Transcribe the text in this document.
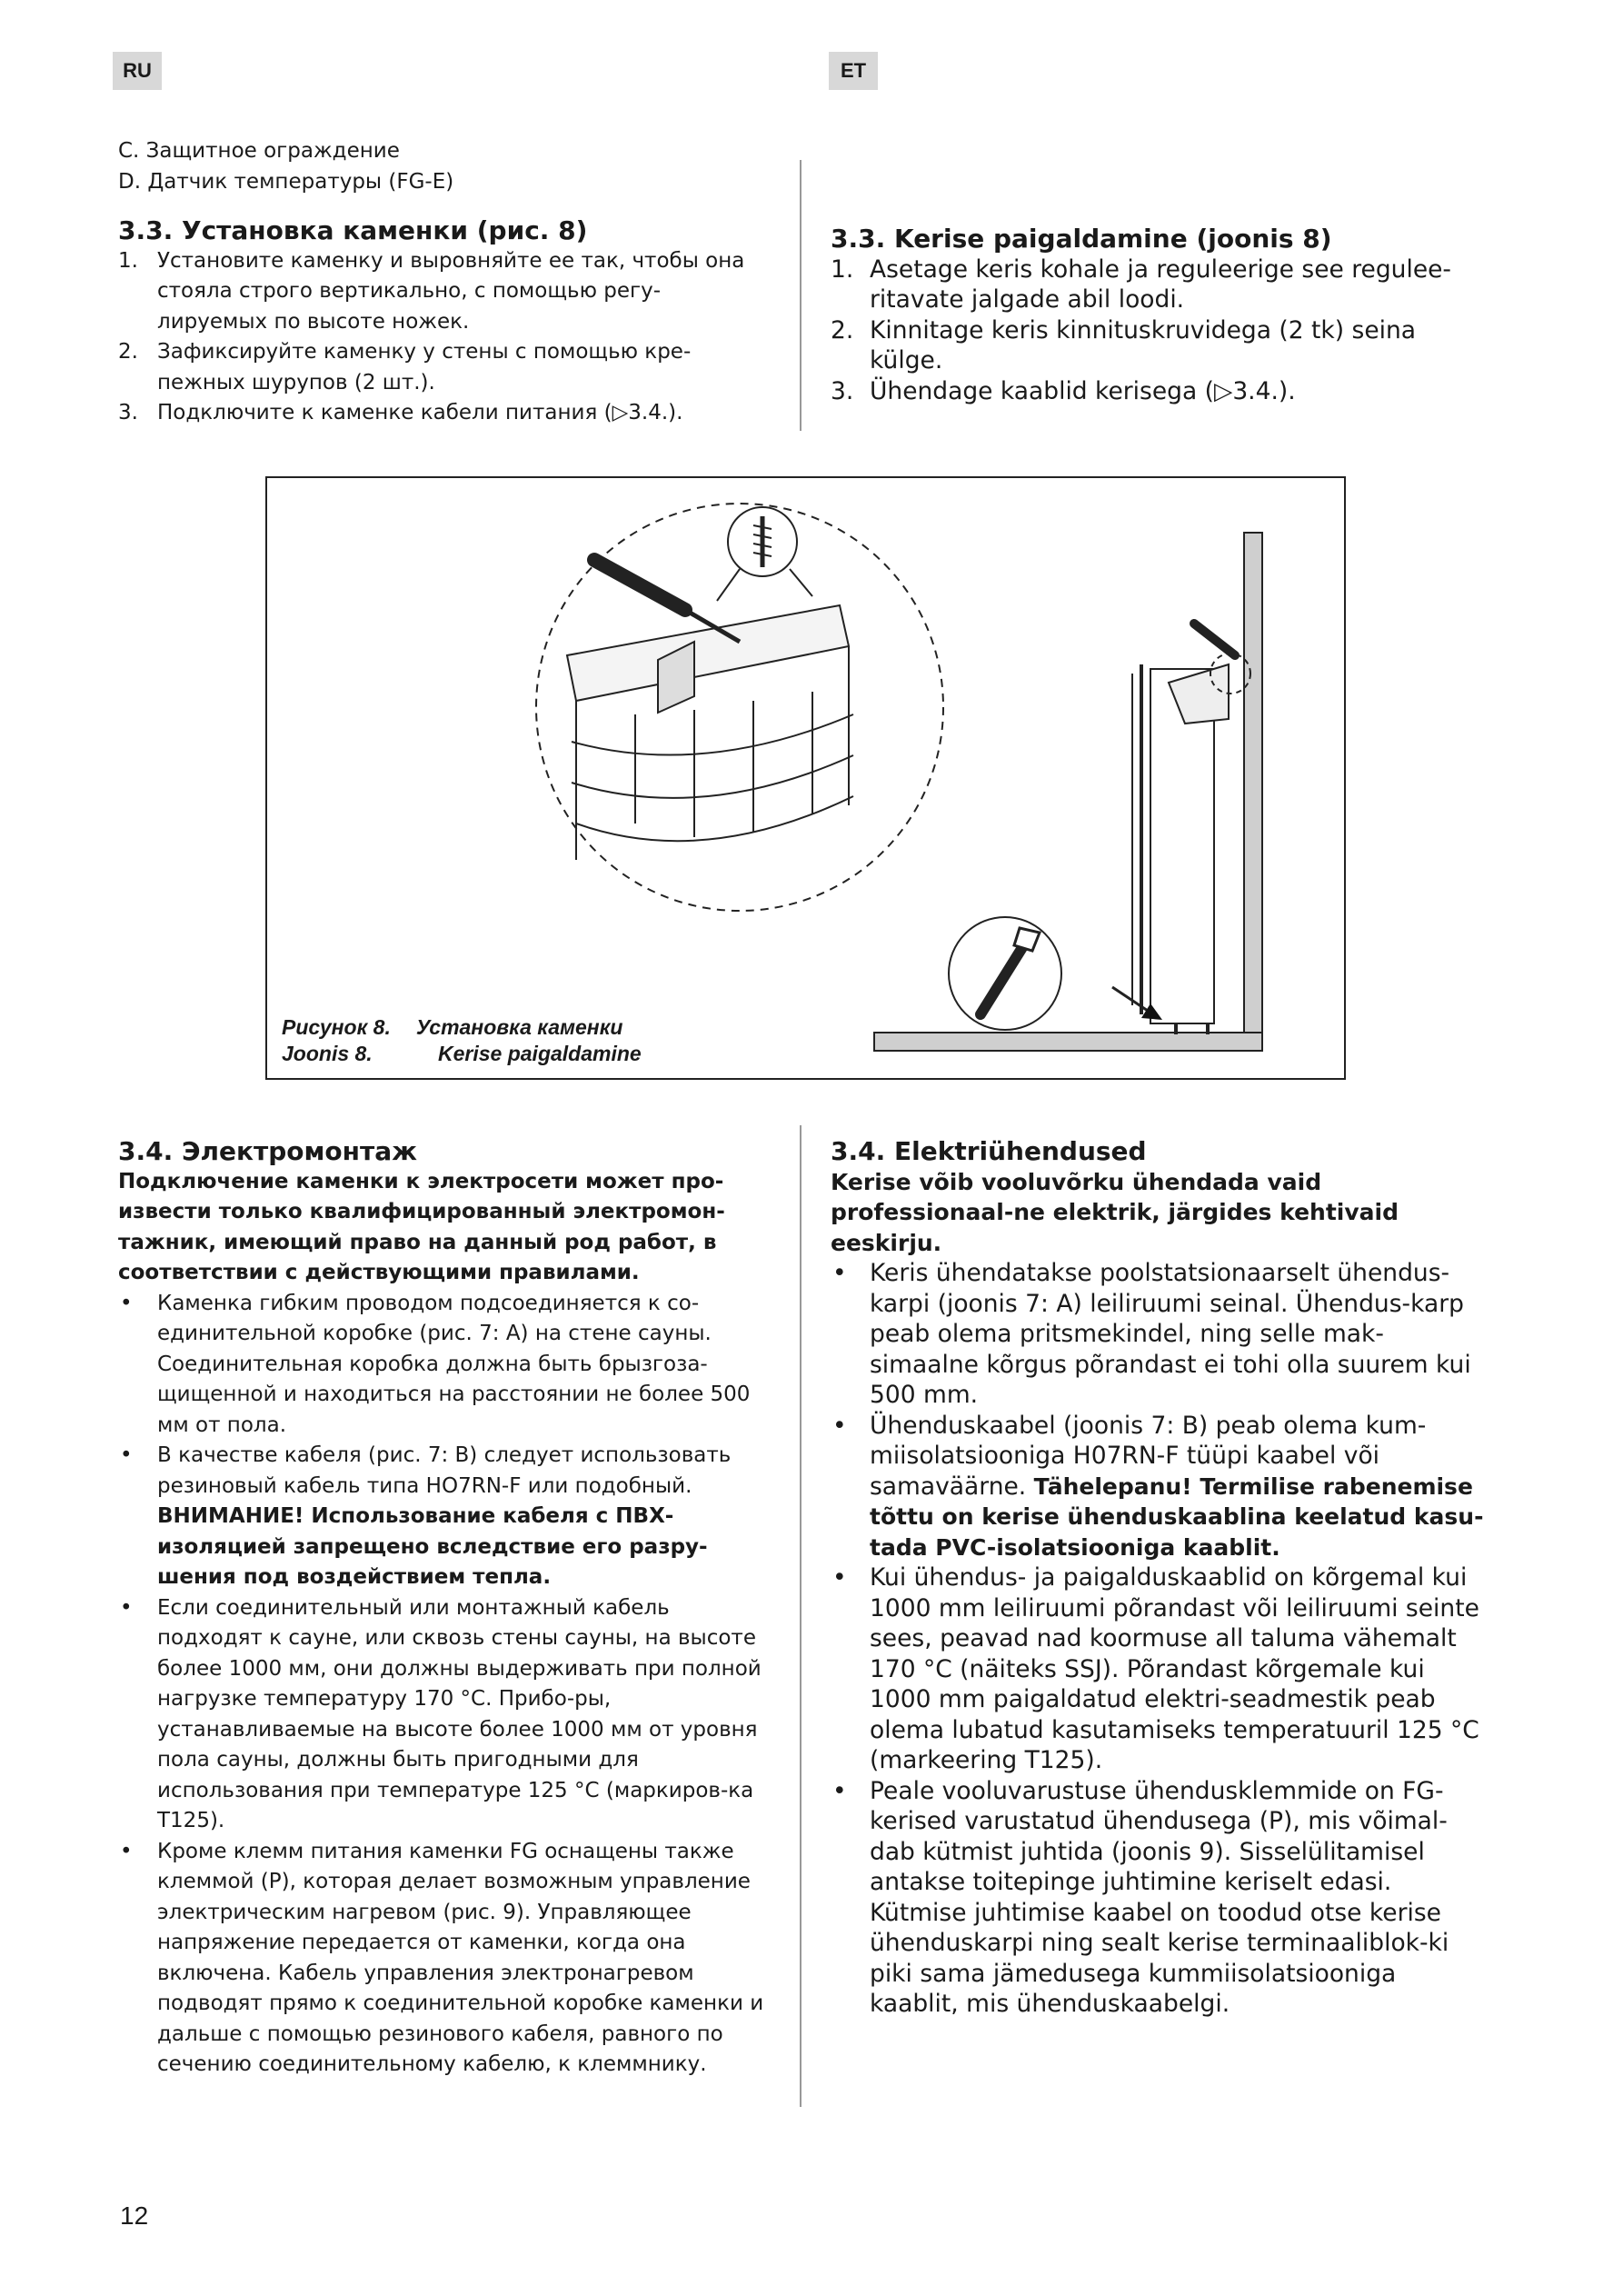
RU	ET

C. Защитное ограждение

D. Датчик температуры (FG-E)

3.3. Установка каменки (рис. 8)

1. Установите каменку и выровняйте ее так, чтобы она стояла строго вертикально, с помощью регу-лируемых по высоте ножек.
2. Зафиксируйте каменку у стены с помощью кре-пежных шурупов (2 шт.).
3. Подключите к каменке кабели питания (▷3.4.).

3.3. Kerise paigaldamine (joonis 8)

1. Asetage keris kohale ja reguleerige see regulee-ritavate jalgade abil loodi.
2. Kinnitage keris kinnituskruvidega (2 tk) seina külge.
3. Ühendage kaablid kerisega (▷3.4.).
Рисунок 8. Установка каменки
Joonis 8.	Kerise paigaldamine

3.4. Электромонтаж

Подключение каменки к электросети может про-извести только квалифицированный электромон-тажник, имеющий право на данный род работ, в соответствии с действующими правилами.

• Каменка гибким проводом подсоединяется к со-единительной коробке (рис. 7: A) на стене сауны. Соединительная коробка должна быть брызгоза-щищенной и находиться на расстоянии не более 500 мм от пола.
• В качестве кабеля (рис. 7: B) следует использовать резиновый кабель типа HO7RN-F или подобный.
ВНИМАНИЕ! Использование кабеля с ПВХ-изоляцией запрещено вследствие его разру-шения под воздействием тепла.
• Если соединительный или монтажный кабель подходят к сауне, или сквозь стены сауны, на высоте более 1000 мм, они должны выдерживать при полной нагрузке температуру 170 °C. Прибо-ры, устанавливаемые на высоте более 1000 мм от уровня пола сауны, должны быть пригодными для использования при температуре 125 °C (маркиров-ка T125).
• Кроме клемм питания каменки FG оснащены также клеммой (P), которая делает возможным управление электрическим нагревом (рис. 9). Управляющее напряжение передается от каменки, когда она включена. Кабель управления электронагревом подводят прямо к соединительной коробке каменки и дальше с помощью резинового кабеля, равного по сечению соединительному кабелю, к клеммнику.

3.4. Elektriühendused

Kerise võib vooluvõrku ühendada vaid professionaal-ne elektrik, järgides kehtivaid eeskirju.

• Keris ühendatakse poolstatsionaarselt ühendus-karpi (joonis 7: A) leiliruumi seinal. Ühendus-karp peab olema pritsmekindel, ning selle mak-simaalne kõrgus põrandast ei tohi olla suurem kui 500 mm.
• Ühenduskaabel (joonis 7: B) peab olema kum-miisolatsiooniga H07RN-F tüüpi kaabel või samaväärne. Tähelepanu! Termilise rabenemise tõttu on kerise ühenduskaablina keelatud kasu-tada PVC-isolatsiooniga kaablit.
• Kui ühendus- ja paigalduskaablid on kõrgemal kui 1000 mm leiliruumi põrandast või leiliruumi seinte sees, peavad nad koormuse all taluma vähemalt 170 °C (näiteks SSJ). Põrandast kõrgemale kui 1000 mm paigaldatud elektri-seadmestik peab olema lubatud kasutamiseks temperatuuril 125 °C (markeering T125).
• Peale vooluvarustuse ühendusklemmide on FG-kerised varustatud ühendusega (P), mis võimal-dab kütmist juhtida (joonis 9). Sisselülitamisel antakse toitepinge juhtimine keriselt edasi. Kütmise juhtimise kaabel on toodud otse kerise ühenduskarpi ning sealt kerise terminaaliblok-ki piki sama jämedusega kummiisolatsiooniga kaablit, mis ühenduskaabelgi.
12
